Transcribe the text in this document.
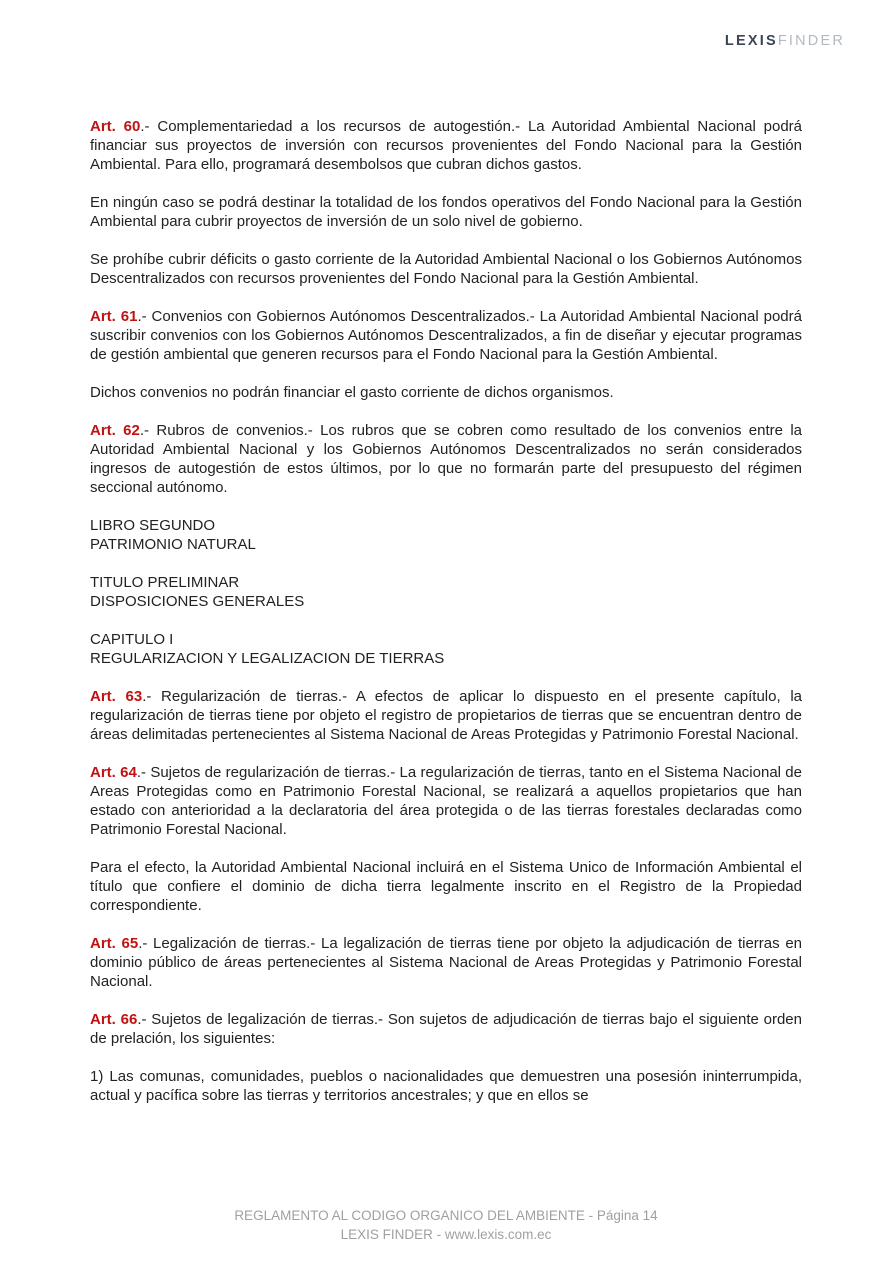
LEXISFINDER

Art. 60.- Complementariedad a los recursos de autogestión.- La Autoridad Ambiental Nacional podrá financiar sus proyectos de inversión con recursos provenientes del Fondo Nacional para la Gestión Ambiental. Para ello, programará desembolsos que cubran dichos gastos.

En ningún caso se podrá destinar la totalidad de los fondos operativos del Fondo Nacional para la Gestión Ambiental para cubrir proyectos de inversión de un solo nivel de gobierno.

Se prohíbe cubrir déficits o gasto corriente de la Autoridad Ambiental Nacional o los Gobiernos Autónomos Descentralizados con recursos provenientes del Fondo Nacional para la Gestión Ambiental.

Art. 61.- Convenios con Gobiernos Autónomos Descentralizados.- La Autoridad Ambiental Nacional podrá suscribir convenios con los Gobiernos Autónomos Descentralizados, a fin de diseñar y ejecutar programas de gestión ambiental que generen recursos para el Fondo Nacional para la Gestión Ambiental.

Dichos convenios no podrán financiar el gasto corriente de dichos organismos.

Art. 62.- Rubros de convenios.- Los rubros que se cobren como resultado de los convenios entre la Autoridad Ambiental Nacional y los Gobiernos Autónomos Descentralizados no serán considerados ingresos de autogestión de estos últimos, por lo que no formarán parte del presupuesto del régimen seccional autónomo.

LIBRO SEGUNDO
PATRIMONIO NATURAL

TITULO PRELIMINAR
DISPOSICIONES GENERALES

CAPITULO I
REGULARIZACION Y LEGALIZACION DE TIERRAS

Art. 63.- Regularización de tierras.- A efectos de aplicar lo dispuesto en el presente capítulo, la regularización de tierras tiene por objeto el registro de propietarios de tierras que se encuentran dentro de áreas delimitadas pertenecientes al Sistema Nacional de Areas Protegidas y Patrimonio Forestal Nacional.

Art. 64.- Sujetos de regularización de tierras.- La regularización de tierras, tanto en el Sistema Nacional de Areas Protegidas como en Patrimonio Forestal Nacional, se realizará a aquellos propietarios que han estado con anterioridad a la declaratoria del área protegida o de las tierras forestales declaradas como Patrimonio Forestal Nacional.

Para el efecto, la Autoridad Ambiental Nacional incluirá en el Sistema Unico de Información Ambiental el título que confiere el dominio de dicha tierra legalmente inscrito en el Registro de la Propiedad correspondiente.

Art. 65.- Legalización de tierras.- La legalización de tierras tiene por objeto la adjudicación de tierras en dominio público de áreas pertenecientes al Sistema Nacional de Areas Protegidas y Patrimonio Forestal Nacional.

Art. 66.- Sujetos de legalización de tierras.- Son sujetos de adjudicación de tierras bajo el siguiente orden de prelación, los siguientes:

1) Las comunas, comunidades, pueblos o nacionalidades que demuestren una posesión ininterrumpida, actual y pacífica sobre las tierras y territorios ancestrales; y que en ellos se

REGLAMENTO AL CODIGO ORGANICO DEL AMBIENTE - Página 14
LEXIS FINDER - www.lexis.com.ec
